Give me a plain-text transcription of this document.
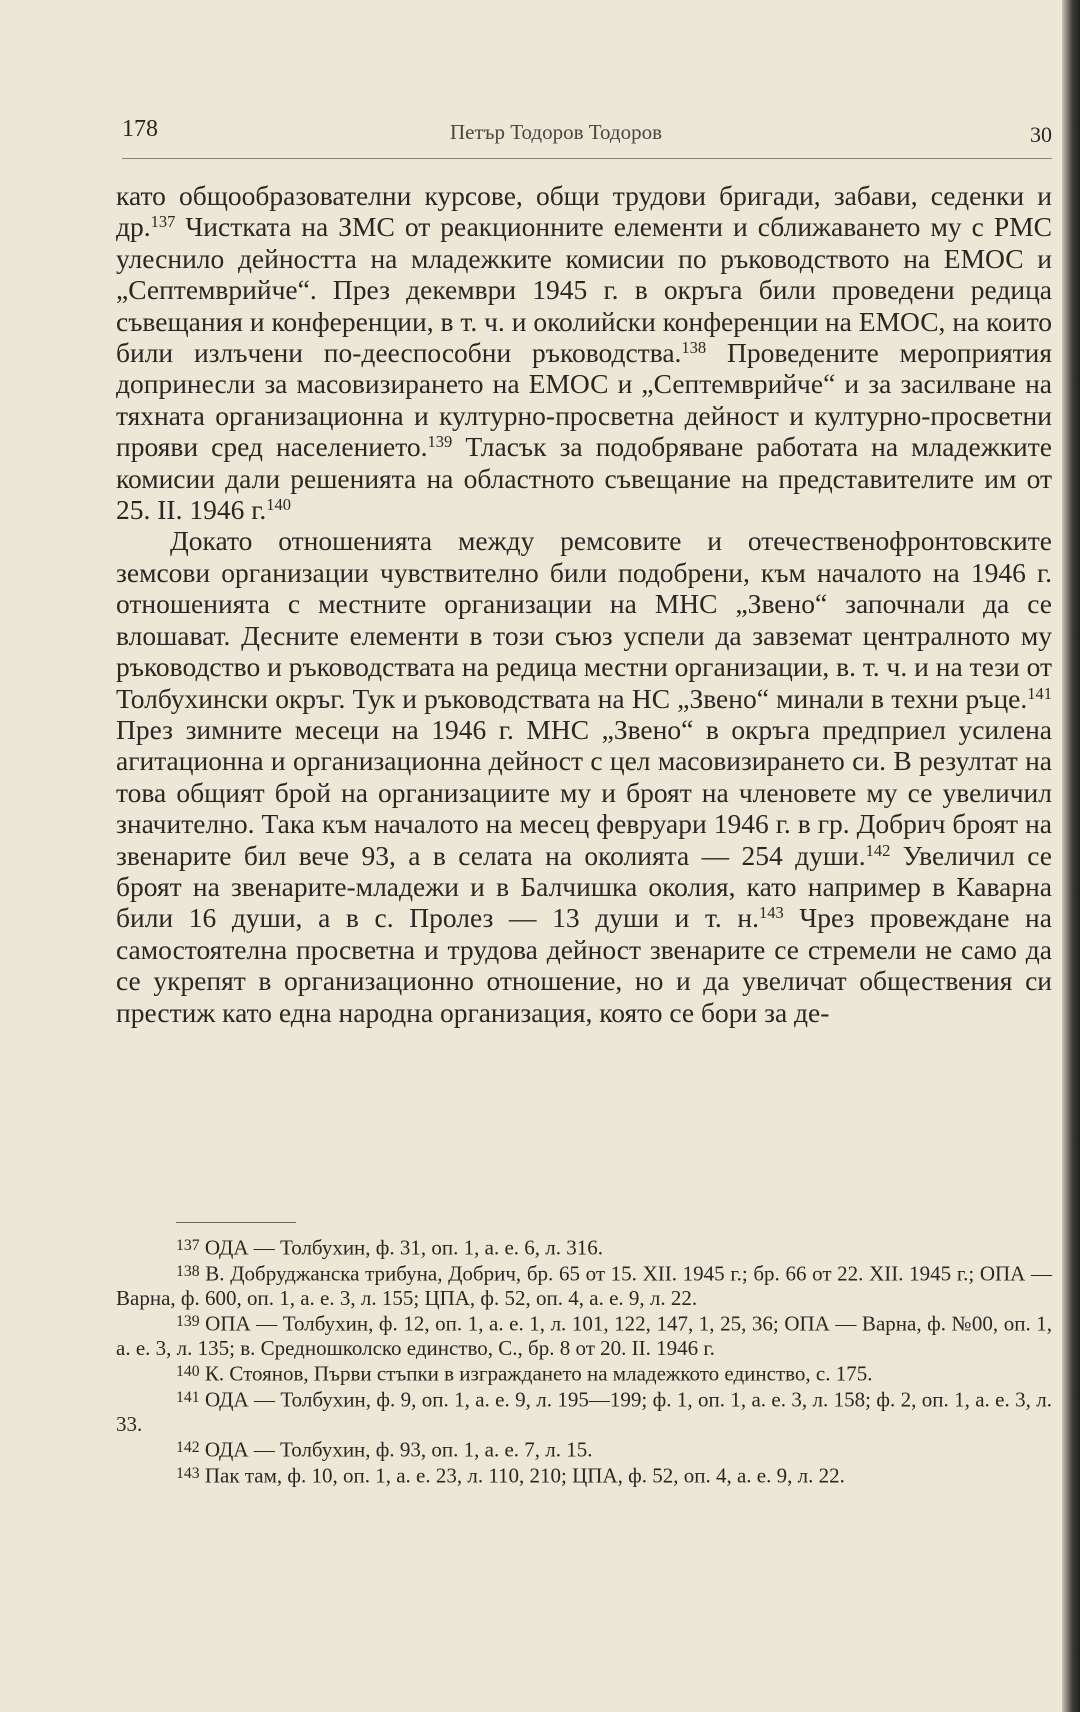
178	Петър Тодоров Тодоров	30

като общообразователни курсове, общи трудови бригади, забави, седенки и др.$^{137}$ Чистката на ЗМС от реакционните елементи и сближаването му с РМС улеснило дейността на младежките комисии по ръководството на ЕМОС и „Септемврийче“. През декември 1945 г. в окръга били проведени редица съвещания и конференции, в т. ч. и околийски конференции на ЕМОС, на които били излъчени по-дееспособни ръководства.$^{138}$ Проведените мероприятия допринесли за масовизирането на ЕМОС и „Септемврийче“ и за засилване на тяхната организационна и културно-просветна дейност и културно-просветни прояви сред населението.$^{139}$ Тласък за подобряване работата на младежките комисии дали решенията на областното съвещание на представителите им от 25. II. 1946 г.$^{140}$

Докато отношенията между ремсовите и отечественофронтовските земсови организации чувствително били подобрени, към началото на 1946 г. отношенията с местните организации на МНС „Звено“ започнали да се влошават. Десните елементи в този съюз успели да завземат централното му ръководство и ръководствата на редица местни организации, в. т. ч. и на тези от Толбухински окръг. Тук и ръководствата на НС „Звено“ минали в техни ръце.$^{141}$ През зимните месеци на 1946 г. МНС „Звено“ в окръга предприел усилена агитационна и организационна дейност с цел масовизирането си. В резултат на това общият брой на организациите му и броят на членовете му се увеличил значително. Така към началото на месец февруари 1946 г. в гр. Добрич броят на звенарите бил вече 93, а в селата на околията — 254 души.$^{142}$ Увеличил се броят на звенарите-младежи и в Балчишка околия, като например в Каварна били 16 души, а в с. Пролез — 13 души и т. н.$^{143}$ Чрез провеждане на самостоятелна просветна и трудова дейност звенарите се стремели не само да се укрепят в организационно отношение, но и да увеличат обществения си престиж като една народна организация, която се бори за де-

$^{137}$ ОДА — Толбухин, ф. 31, оп. 1, а. е. 6, л. 316.

$^{138}$ В. Добруджанска трибуна, Добрич, бр. 65 от 15. XII. 1945 г.; бр. 66 от 22. XII. 1945 г.; ОПА — Варна, ф. 600, оп. 1, а. е. 3, л. 155; ЦПА, ф. 52, оп. 4, а. е. 9, л. 22.

$^{139}$ ОПА — Толбухин, ф. 12, оп. 1, а. е. 1, л. 101, 122, 147, 1, 25, 36; ОПА — Варна, ф. №00, оп. 1, а. е. 3, л. 135; в. Средношколско единство, С., бр. 8 от 20. II. 1946 г.

$^{140}$ К. Стоянов, Първи стъпки в изграждането на младежкото единство, с. 175.

$^{141}$ ОДА — Толбухин, ф. 9, оп. 1, а. е. 9, л. 195—199; ф. 1, оп. 1, а. е. 3, л. 158; ф. 2, оп. 1, а. е. 3, л. 33.

$^{142}$ ОДА — Толбухин, ф. 93, оп. 1, а. е. 7, л. 15.

$^{143}$ Пак там, ф. 10, оп. 1, а. е. 23, л. 110, 210; ЦПА, ф. 52, оп. 4, а. е. 9, л. 22.
